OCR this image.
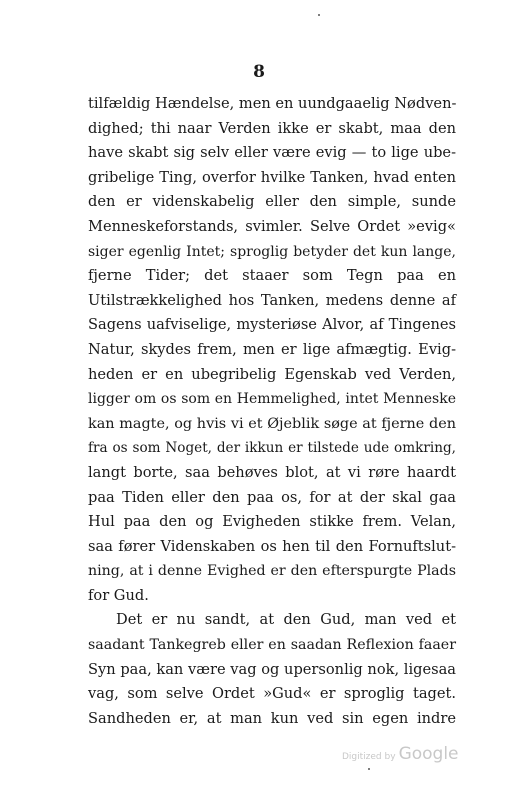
8
tilfældig Hændelse, men en uundgaaelig Nødven-
dighed; thi naar Verden ikke er skabt, maa den
have skabt sig selv eller være evig — to lige ube-
gribelige Ting, overfor hvilke Tanken, hvad enten
den er videnskabelig eller den simple, sunde
Menneskeforstands, svimler. Selve Ordet »evig«
siger egenlig Intet; sproglig betyder det kun lange,
fjerne Tider; det staaer som Tegn paa en
Utilstrækkelighed hos Tanken, medens denne af
Sagens uafviselige, mysteriøse Alvor, af Tingenes
Natur, skydes frem, men er lige afmægtig. Evig-
heden er en ubegribelig Egenskab ved Verden,
ligger om os som en Hemmelighed, intet Menneske
kan magte, og hvis vi et Øjeblik søge at fjerne den
fra os som Noget, der ikkun er tilstede ude omkring,
langt borte, saa behøves blot, at vi røre haardt
paa Tiden eller den paa os, for at der skal gaa
Hul paa den og Evigheden stikke frem. Velan,
saa fører Videnskaben os hen til den Fornuftslut-
ning, at i denne Evighed er den efterspurgte Plads
for Gud.
Det er nu sandt, at den Gud, man ved et
saadant Tankegreb eller en saadan Reflexion faaer
Syn paa, kan være vag og upersonlig nok, ligesaa
vag, som selve Ordet »Gud« er sproglig taget.
Sandheden er, at man kun ved sin egen indre
Digitized by Google
